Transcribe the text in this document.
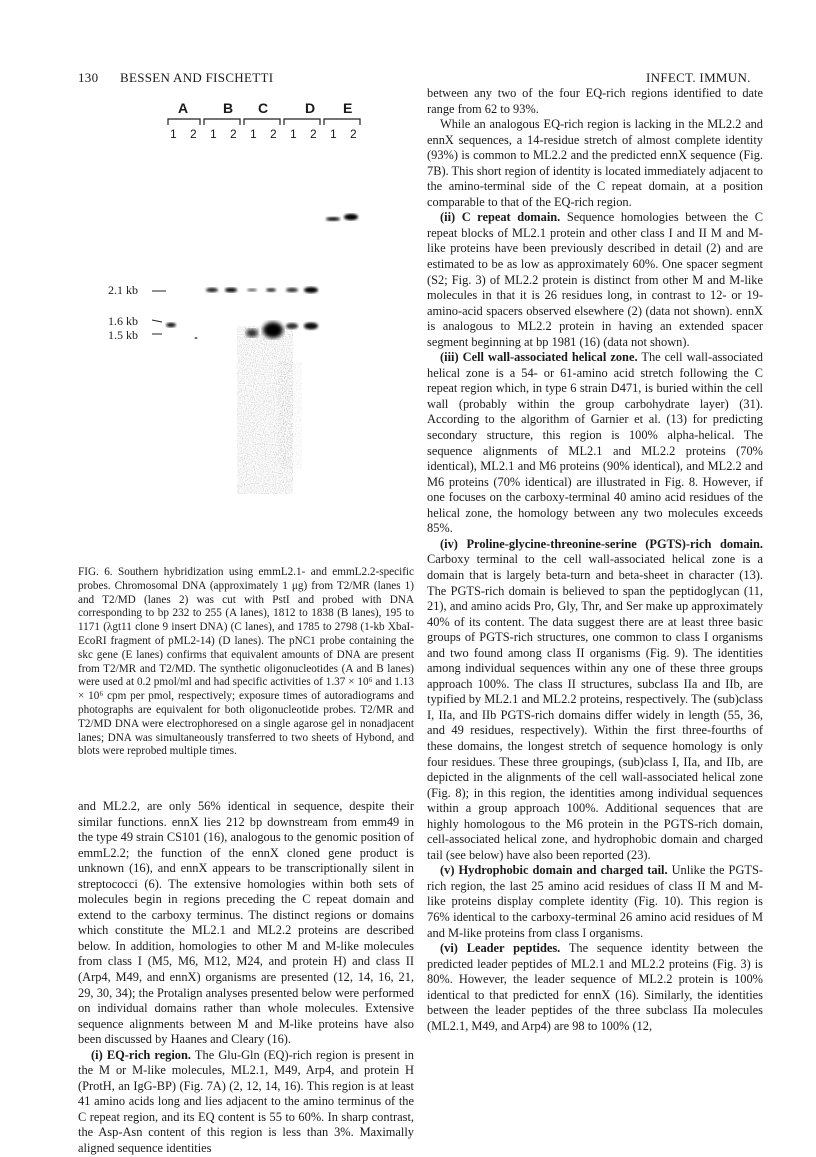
130 BESSEN AND FISCHETTI	INFECT. IMMUN.
A B C	D E
1 2 1 2 1 2 1 2 1 2
2.1 kb
1.6 kb
1.5 kb

FIG. 6. Southern hybridization using emmL2.1- and emmL2.2-specific probes. Chromosomal DNA (approximately 1 μg) from T2/MR (lanes 1) and T2/MD (lanes 2) was cut with PstI and probed with DNA corresponding to bp 232 to 255 (A lanes), 1812 to 1838 (B lanes), 195 to 1171 (λgt11 clone 9 insert DNA) (C lanes), and 1785 to 2798 (1-kb XbaI-EcoRI fragment of pML2-14) (D lanes). The pNC1 probe containing the skc gene (E lanes) confirms that equivalent amounts of DNA are present from T2/MR and T2/MD. The synthetic oligonucleotides (A and B lanes) were used at 0.2 pmol/ml and had specific activities of 1.37 × 10⁶ and 1.13 × 10⁶ cpm per pmol, respectively; exposure times of autoradiograms and photographs are equivalent for both oligonucleotide probes. T2/MR and T2/MD DNA were electrophoresed on a single agarose gel in nonadjacent lanes; DNA was simultaneously transferred to two sheets of Hybond, and blots were reprobed multiple times.

and ML2.2, are only 56% identical in sequence, despite their similar functions. ennX lies 212 bp downstream from emm49 in the type 49 strain CS101 (16), analogous to the genomic position of emmL2.2; the function of the ennX cloned gene product is unknown (16), and ennX appears to be transcriptionally silent in streptococci (6). The extensive homologies within both sets of molecules begin in regions preceding the C repeat domain and extend to the carboxy terminus. The distinct regions or domains which constitute the ML2.1 and ML2.2 proteins are described below. In addition, homologies to other M and M-like molecules from class I (M5, M6, M12, M24, and protein H) and class II (Arp4, M49, and ennX) organisms are presented (12, 14, 16, 21, 29, 30, 34); the Protalign analyses presented below were performed on individual domains rather than whole molecules. Extensive sequence alignments between M and M-like proteins have also been discussed by Haanes and Cleary (16).

(i) EQ-rich region. The Glu-Gln (EQ)-rich region is present in the M or M-like molecules, ML2.1, M49, Arp4, and protein H (ProtH, an IgG-BP) (Fig. 7A) (2, 12, 14, 16). This region is at least 41 amino acids long and lies adjacent to the amino terminus of the C repeat region, and its EQ content is 55 to 60%. In sharp contrast, the Asp-Asn content of this region is less than 3%. Maximally aligned sequence identities

between any two of the four EQ-rich regions identified to date range from 62 to 93%.

While an analogous EQ-rich region is lacking in the ML2.2 and ennX sequences, a 14-residue stretch of almost complete identity (93%) is common to ML2.2 and the predicted ennX sequence (Fig. 7B). This short region of identity is located immediately adjacent to the amino-terminal side of the C repeat domain, at a position comparable to that of the EQ-rich region.

(ii) C repeat domain. Sequence homologies between the C repeat blocks of ML2.1 protein and other class I and II M and M-like proteins have been previously described in detail (2) and are estimated to be as low as approximately 60%. One spacer segment (S2; Fig. 3) of ML2.2 protein is distinct from other M and M-like molecules in that it is 26 residues long, in contrast to 12- or 19-amino-acid spacers observed elsewhere (2) (data not shown). ennX is analogous to ML2.2 protein in having an extended spacer segment beginning at bp 1981 (16) (data not shown).

(iii) Cell wall-associated helical zone. The cell wall-associated helical zone is a 54- or 61-amino acid stretch following the C repeat region which, in type 6 strain D471, is buried within the cell wall (probably within the group carbohydrate layer) (31). According to the algorithm of Garnier et al. (13) for predicting secondary structure, this region is 100% alpha-helical. The sequence alignments of ML2.1 and ML2.2 proteins (70% identical), ML2.1 and M6 proteins (90% identical), and ML2.2 and M6 proteins (70% identical) are illustrated in Fig. 8. However, if one focuses on the carboxy-terminal 40 amino acid residues of the helical zone, the homology between any two molecules exceeds 85%.

(iv) Proline-glycine-threonine-serine (PGTS)-rich domain. Carboxy terminal to the cell wall-associated helical zone is a domain that is largely beta-turn and beta-sheet in character (13). The PGTS-rich domain is believed to span the peptidoglycan (11, 21), and amino acids Pro, Gly, Thr, and Ser make up approximately 40% of its content. The data suggest there are at least three basic groups of PGTS-rich structures, one common to class I organisms and two found among class II organisms (Fig. 9). The identities among individual sequences within any one of these three groups approach 100%. The class II structures, subclass IIa and IIb, are typified by ML2.1 and ML2.2 proteins, respectively. The (sub)class I, IIa, and IIb PGTS-rich domains differ widely in length (55, 36, and 49 residues, respectively). Within the first three-fourths of these domains, the longest stretch of sequence homology is only four residues. These three groupings, (sub)class I, IIa, and IIb, are depicted in the alignments of the cell wall-associated helical zone (Fig. 8); in this region, the identities among individual sequences within a group approach 100%. Additional sequences that are highly homologous to the M6 protein in the PGTS-rich domain, cell-associated helical zone, and hydrophobic domain and charged tail (see below) have also been reported (23).

(v) Hydrophobic domain and charged tail. Unlike the PGTS-rich region, the last 25 amino acid residues of class II M and M-like proteins display complete identity (Fig. 10). This region is 76% identical to the carboxy-terminal 26 amino acid residues of M and M-like proteins from class I organisms.

(vi) Leader peptides. The sequence identity between the predicted leader peptides of ML2.1 and ML2.2 proteins (Fig. 3) is 80%. However, the leader sequence of ML2.2 protein is 100% identical to that predicted for ennX (16). Similarly, the identities between the leader peptides of the three subclass IIa molecules (ML2.1, M49, and Arp4) are 98 to 100% (12,
